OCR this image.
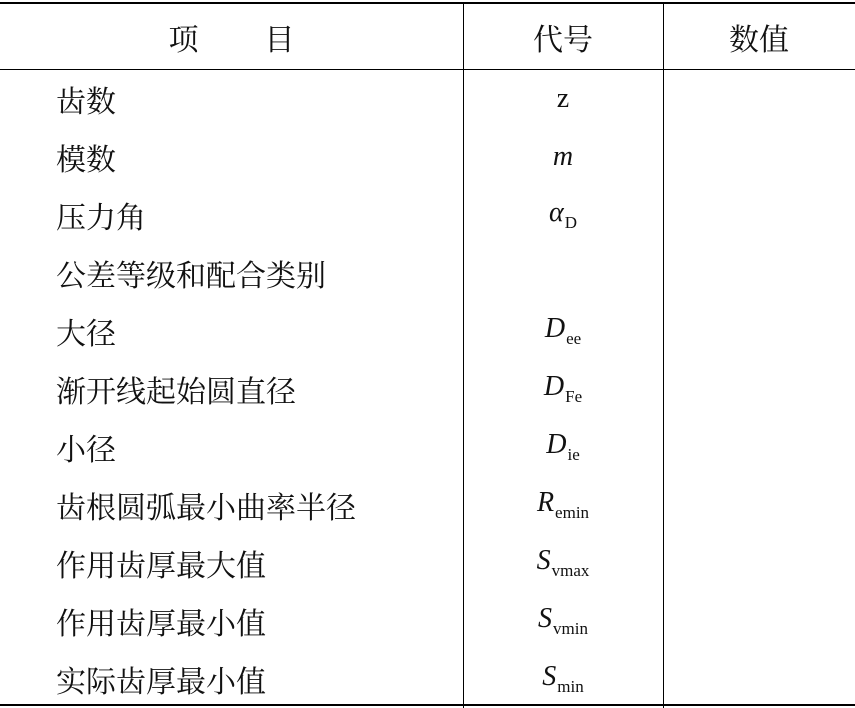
项 目	代号	数值
齿数	z
模数	m
压力角	$\alpha_D$
公差等级和配合类别
大径	$D_{ee}$
渐开线起始圆直径	$D_{Fe}$
小径	$D_{ie}$
齿根圆弧最小曲率半径	$R_{emin}$
作用齿厚最大值	$S_{vmax}$
作用齿厚最小值	$S_{vmin}$
实际齿厚最小值	$S_{min}$
